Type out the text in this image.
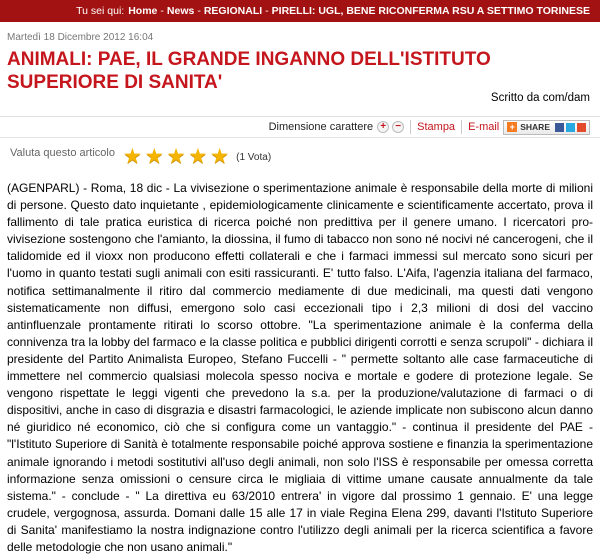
Tu sei qui: Home - News - REGIONALI - PIRELLI: UGL, BENE RICONFERMA RSU A SETTIMO TORINESE
Martedì 18 Dicembre 2012 16:04
ANIMALI: PAE, IL GRANDE INGANNO DELL'ISTITUTO SUPERIORE DI SANITA'
Scritto da com/dam
Dimensione carattere + − Stampa E-mail + SHARE
Valuta questo articolo ★ ★ ★ ★ ★ (1 Vota)
(AGENPARL) - Roma, 18 dic - La vivisezione o sperimentazione animale è responsabile della morte di milioni di persone. Questo dato inquietante , epidemiologicamente clinicamente e scientificamente accertato, prova il fallimento di tale pratica euristica di ricerca poiché non predittiva per il genere umano. I ricercatori pro-vivisezione sostengono che l'amianto, la diossina, il fumo di tabacco non sono né nocivi né cancerogeni, che il talidomide ed il vioxx non producono effetti collaterali e che i farmaci immessi sul mercato sono sicuri per l'uomo in quanto testati sugli animali con esiti rassicuranti. E' tutto falso. L'Aifa, l'agenzia italiana del farmaco, notifica settimanalmente il ritiro dal commercio mediamente di due medicinali, ma questi dati vengono sistematicamente non diffusi, emergono solo casi eccezionali tipo i 2,3 milioni di dosi del vaccino antinfluenzale prontamente ritirati lo scorso ottobre. "La sperimentazione animale è la conferma della connivenza tra la lobby del farmaco e la classe politica e pubblici dirigenti corrotti e senza scrupoli" - dichiara il presidente del Partito Animalista Europeo, Stefano Fuccelli - " permette soltanto alle case farmaceutiche di immettere nel commercio qualsiasi molecola spesso nociva e mortale e godere di protezione legale. Se vengono rispettate le leggi vigenti che prevedono la s.a. per la produzione/valutazione di farmaci o di dispositivi, anche in caso di disgrazia e disastri farmacologici, le aziende implicate non subiscono alcun danno né giuridico né economico, ciò che si configura come un vantaggio." - continua il presidente del PAE - "l'Istituto Superiore di Sanità è totalmente responsabile poiché approva sostiene e finanzia la sperimentazione animale ignorando i metodi sostitutivi all'uso degli animali, non solo l'ISS è responsabile per omessa corretta informazione senza omissioni o censure circa le migliaia di vittime umane causate annualmente da tale sistema." - conclude - " La direttiva eu 63/2010 entrera' in vigore dal prossimo 1 gennaio. E' una legge crudele, vergognosa, assurda. Domani dalle 15 alle 17 in viale Regina Elena 299, davanti l'Istituto Superiore di Sanita' manifestiamo la nostra indignazione contro l'utilizzo degli animali per la ricerca scientifica a favore delle metodologie che non usano animali."
